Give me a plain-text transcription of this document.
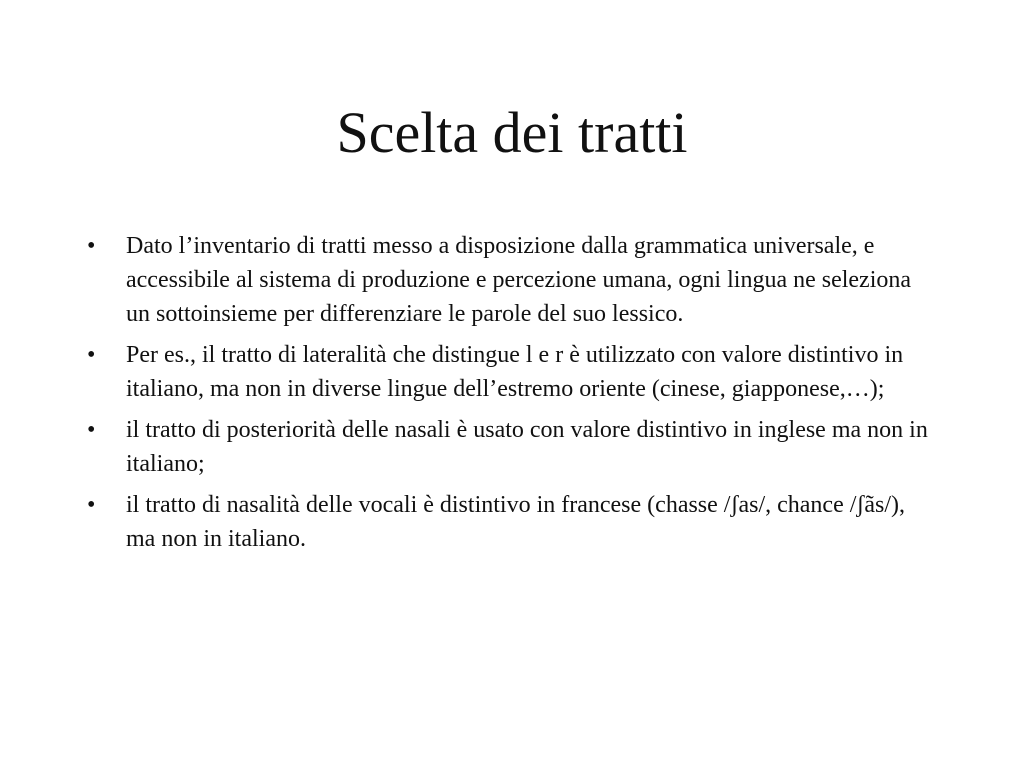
Scelta dei tratti
• Dato l’inventario di tratti messo a disposizione dalla grammatica universale, e accessibile al sistema di produzione e percezione umana, ogni lingua ne seleziona un sottoinsieme per differenziare le parole del suo lessico.
• Per es., il tratto di lateralità che distingue l e r è utilizzato con valore distintivo in italiano, ma non in diverse lingue dell’estremo oriente (cinese, giapponese,…);
• il tratto di posteriorità delle nasali è usato con valore distintivo in inglese ma non in italiano;
• il tratto di nasalità delle vocali è distintivo in francese (chasse /ʃas/, chance /ʃãs/), ma non in italiano.
